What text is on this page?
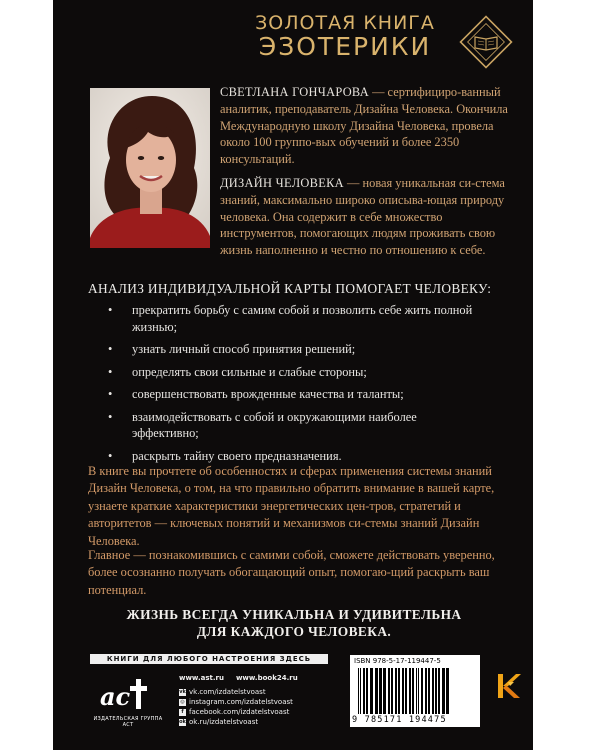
ЗОЛОТАЯ КНИГА
ЭЗОТЕРИКИ

СВЕТЛАНА ГОНЧАРОВА — сертифициро-ванный аналитик, преподаватель Дизайна Человека. Окончила Международную школу Дизайна Человека, провела около 100 группо-вых обучений и более 2350 консультаций.

ДИЗАЙН ЧЕЛОВЕКА — новая уникальная си-стема знаний, максимально широко описыва-ющая природу человека. Она содержит в себе множество инструментов, помогающих людям проживать свою жизнь наполненно и честно по отношению к себе.

АНАЛИЗ ИНДИВИДУАЛЬНОЙ КАРТЫ ПОМОГАЕТ ЧЕЛОВЕКУ:
• прекратить борьбу с самим собой и позволить себе жить полной жизнью;
• узнать личный способ принятия решений;
• определять свои сильные и слабые стороны;
• совершенствовать врожденные качества и таланты;
• взаимодействовать с собой и окружающими наиболее эффективно;
• раскрыть тайну своего предназначения.

В книге вы прочтете об особенностях и сферах применения системы знаний Дизайн Человека, о том, на что правильно обратить внимание в вашей карте, узнаете краткие характеристики энергетических цен-тров, стратегий и авторитетов — ключевых понятий и механизмов си-стемы знаний Дизайн Человека.

Главное — познакомившись с самими собой, сможете действовать уверенно, более осознанно получать обогащающий опыт, помогаю-щий раскрыть ваш потенциал.

ЖИЗНЬ ВСЕГДА УНИКАЛЬНА И УДИВИТЕЛЬНА
ДЛЯ КАЖДОГО ЧЕЛОВЕКА.
КНИГИ ДЛЯ ЛЮБОГО НАСТРОЕНИЯ ЗДЕСЬ
ac
ИЗДАТЕЛЬСКАЯ ГРУППА АСТ
www.ast.ru www.book24.ru
vk vk.com/izdatelstvoast
◎ instagram.com/izdatelstvoast
f facebook.com/izdatelstvoast
ok ok.ru/izdatelstvoast
ISBN 978-5-17-119447-5
9 785171 194475
